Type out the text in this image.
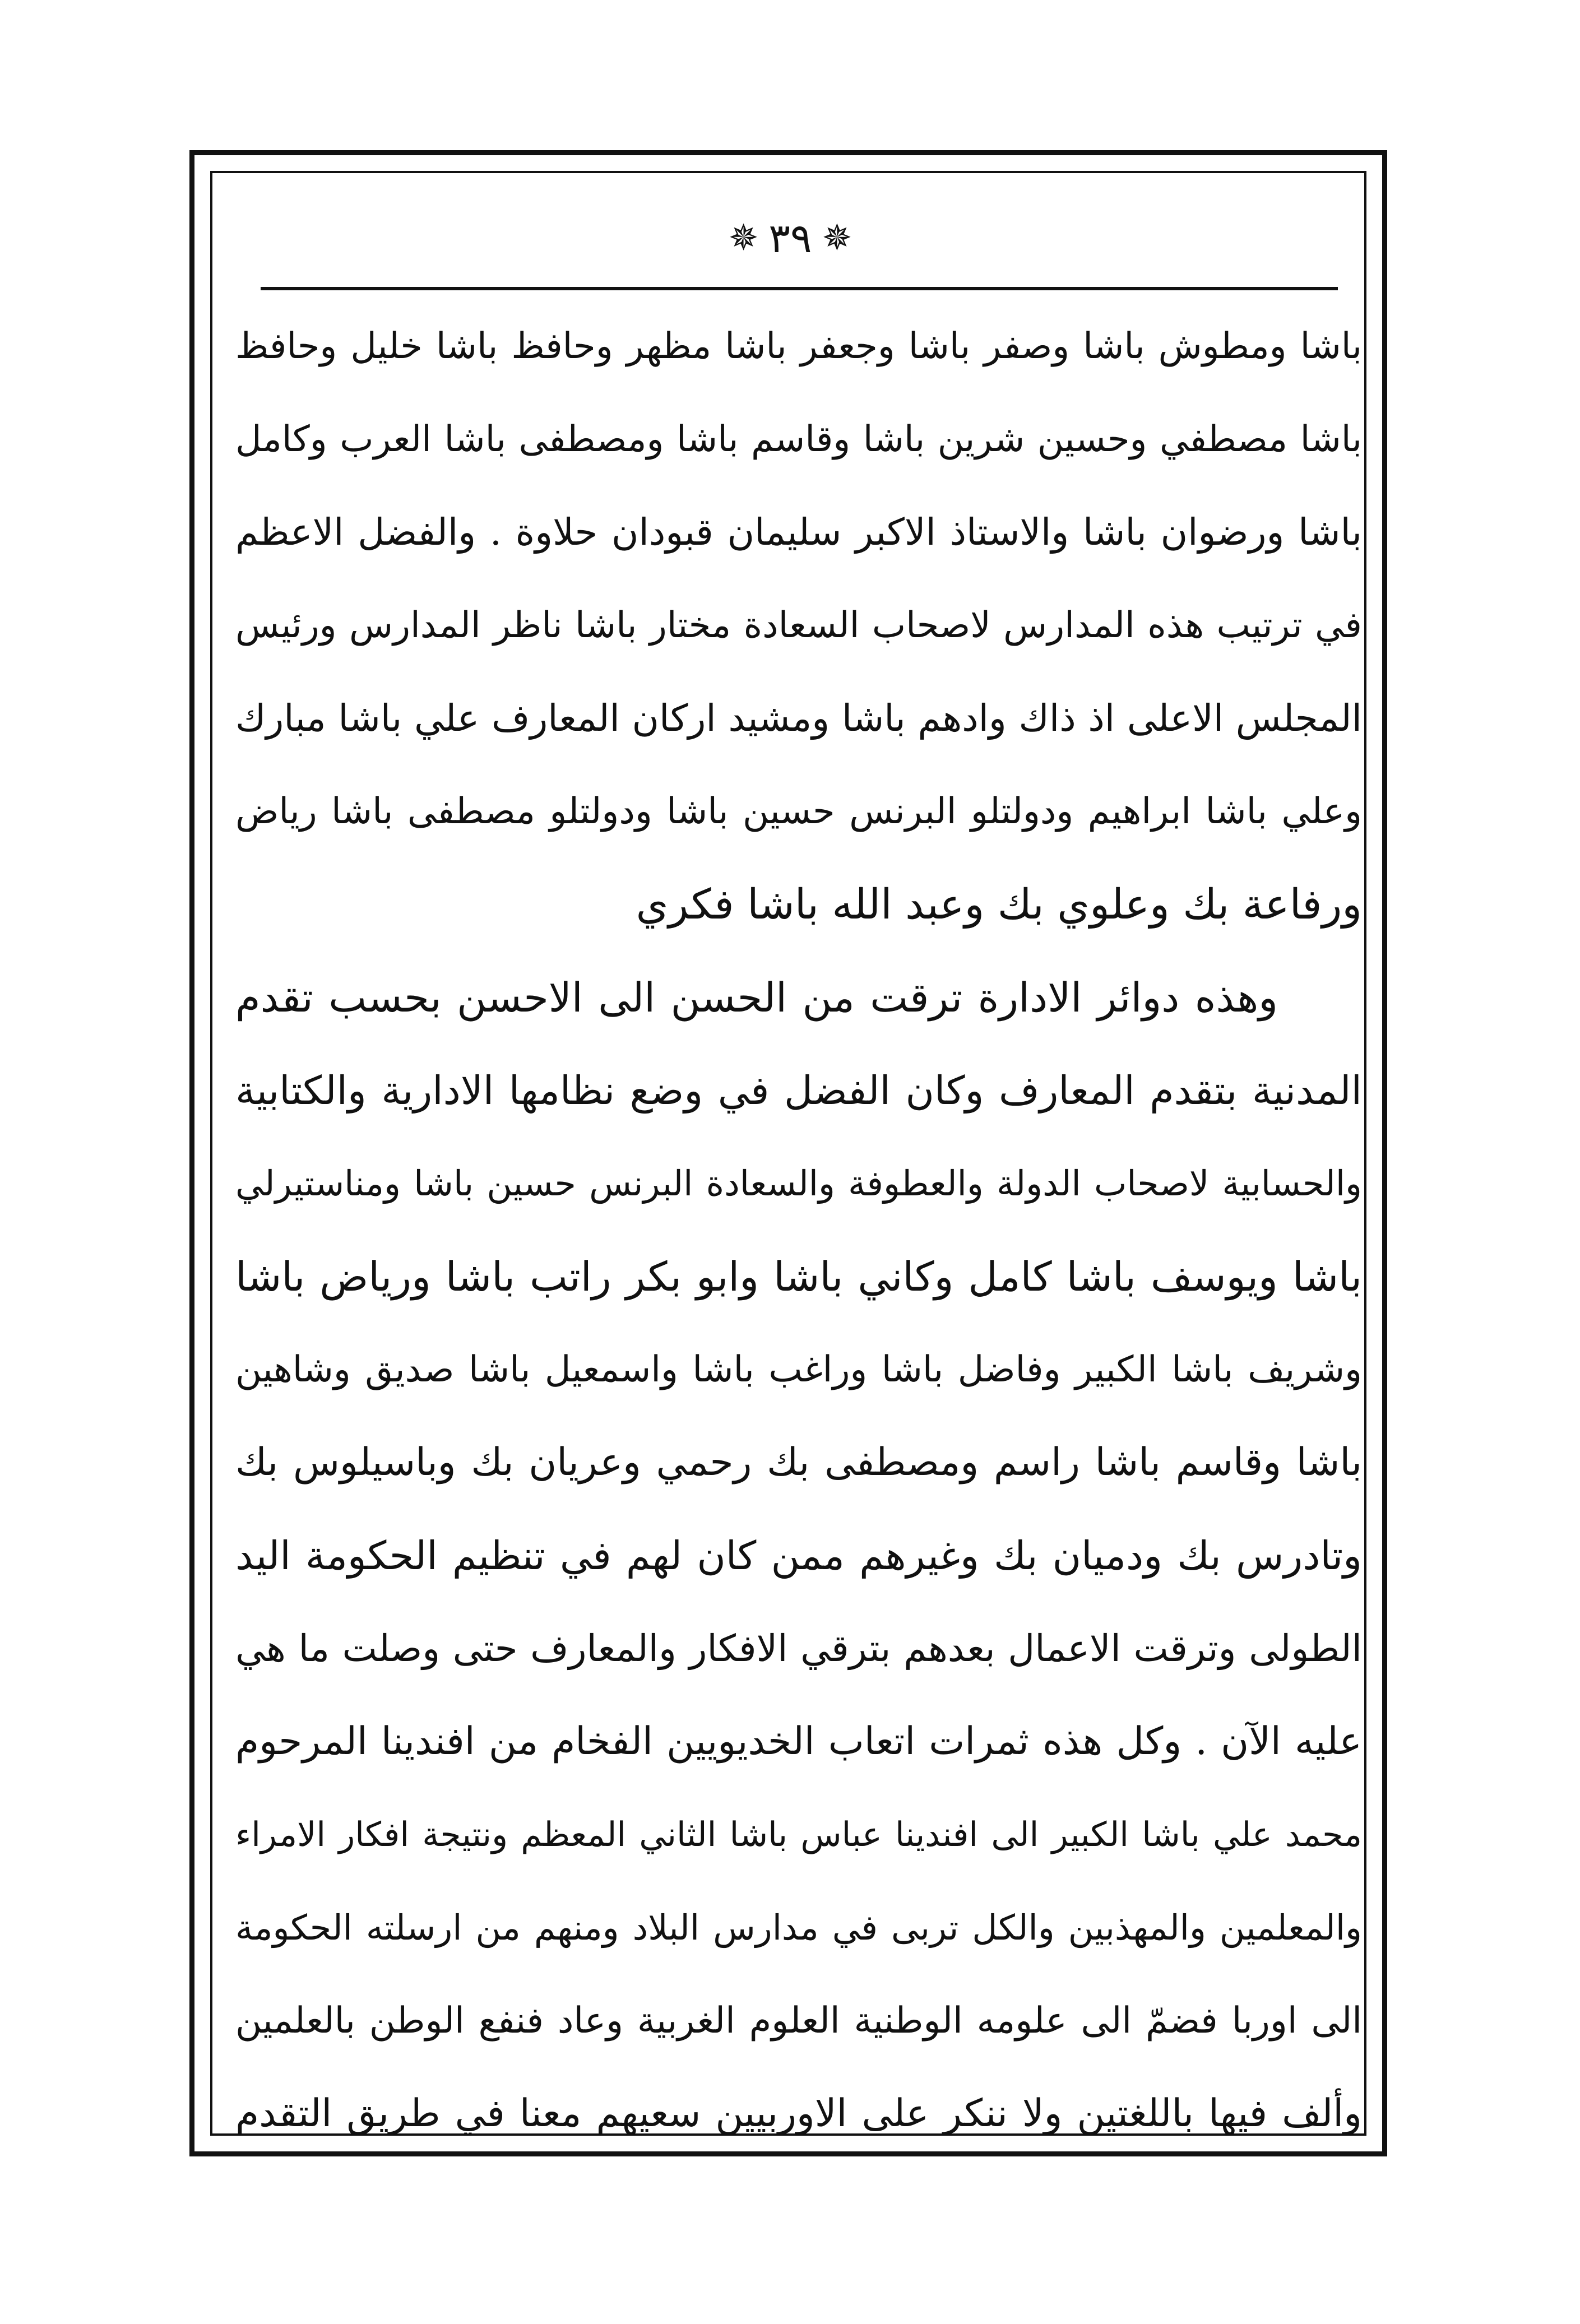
✵ ٣٩ ✵
باشا ومطوش باشا وصفر باشا وجعفر باشا مظهر وحافظ باشا خليل وحافظ
باشا مصطفي وحسين شرين باشا وقاسم باشا ومصطفى باشا العرب وكامل
باشا ورضوان باشا والاستاذ الاكبر سليمان قبودان حلاوة . والفضل الاعظم
في ترتيب هذه المدارس لاصحاب السعادة مختار باشا ناظر المدارس ورئيس
المجلس الاعلى اذ ذاك وادهم باشا ومشيد اركان المعارف علي باشا مبارك
وعلي باشا ابراهيم ودولتلو البرنس حسين باشا ودولتلو مصطفى باشا رياض
ورفاعة بك وعلوي بك وعبد الله باشا فكري
وهذه دوائر الادارة ترقت من الحسن الى الاحسن بحسب تقدم
المدنية بتقدم المعارف وكان الفضل في وضع نظامها الادارية والكتابية
والحسابية لاصحاب الدولة والعطوفة والسعادة البرنس حسين باشا ومناستيرلي
باشا ويوسف باشا كامل وكاني باشا وابو بكر راتب باشا ورياض باشا
وشريف باشا الكبير وفاضل باشا وراغب باشا واسمعيل باشا صديق وشاهين
باشا وقاسم باشا راسم ومصطفى بك رحمي وعريان بك وباسيلوس بك
وتادرس بك ودميان بك وغيرهم ممن كان لهم في تنظيم الحكومة اليد
الطولى وترقت الاعمال بعدهم بترقي الافكار والمعارف حتى وصلت ما هي
عليه الآن . وكل هذه ثمرات اتعاب الخديويين الفخام من افندينا المرحوم
محمد علي باشا الكبير الى افندينا عباس باشا الثاني المعظم ونتيجة افكار الامراء
والمعلمين والمهذبين والكل تربى في مدارس البلاد ومنهم من ارسلته الحكومة
الى اوربا فضمّ الى علومه الوطنية العلوم الغربية وعاد فنفع الوطن بالعلمين
وألف فيها باللغتين ولا ننكر على الاوربيين سعيهم معنا في طريق التقدم
